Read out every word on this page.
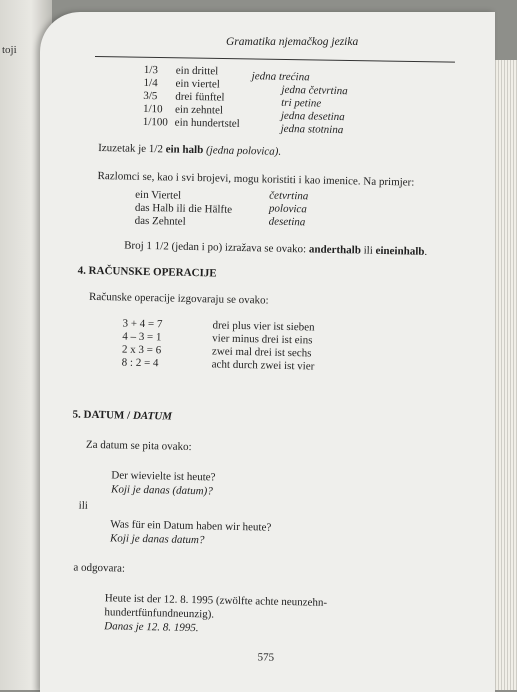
toji
Gramatika njemačkog jezika
1/3 ein drittel	jedna trećina
1/4 ein viertel	jedna četvrtina
3/5 drei fünftel	tri petine
1/10 ein zehntel	jedna desetina
1/100 ein hundertstel	jedna stotnina

Izuzetak je 1/2 ein halb (jedna polovica).

Razlomci se, kao i svi brojevi, mogu koristiti i kao imenice. Na primjer:

ein Viertel	četvrtina
das Halb ili die Hälfte	polovica
das Zehntel	desetina

Broj 1 1/2 (jedan i po) izražava se ovako: anderthalb ili eineinhalb.

4. RAČUNSKE OPERACIJE

Računske operacije izgovaraju se ovako:

3 + 4 = 7	drei plus vier ist sieben
4 – 3 = 1	vier minus drei ist eins
2 x 3 = 6	zwei mal drei ist sechs
8 : 2 = 4	acht durch zwei ist vier

5. DATUM / DATUM

Za datum se pita ovako:

Der wievielte ist heute?

Koji je danas (datum)?

ili

Was für ein Datum haben wir heute?

Koji je danas datum?

a odgovara:

Heute ist der 12. 8. 1995 (zwölfte achte neunzehn-

hundertfünfundneunzig).

Danas je 12. 8. 1995.

575
